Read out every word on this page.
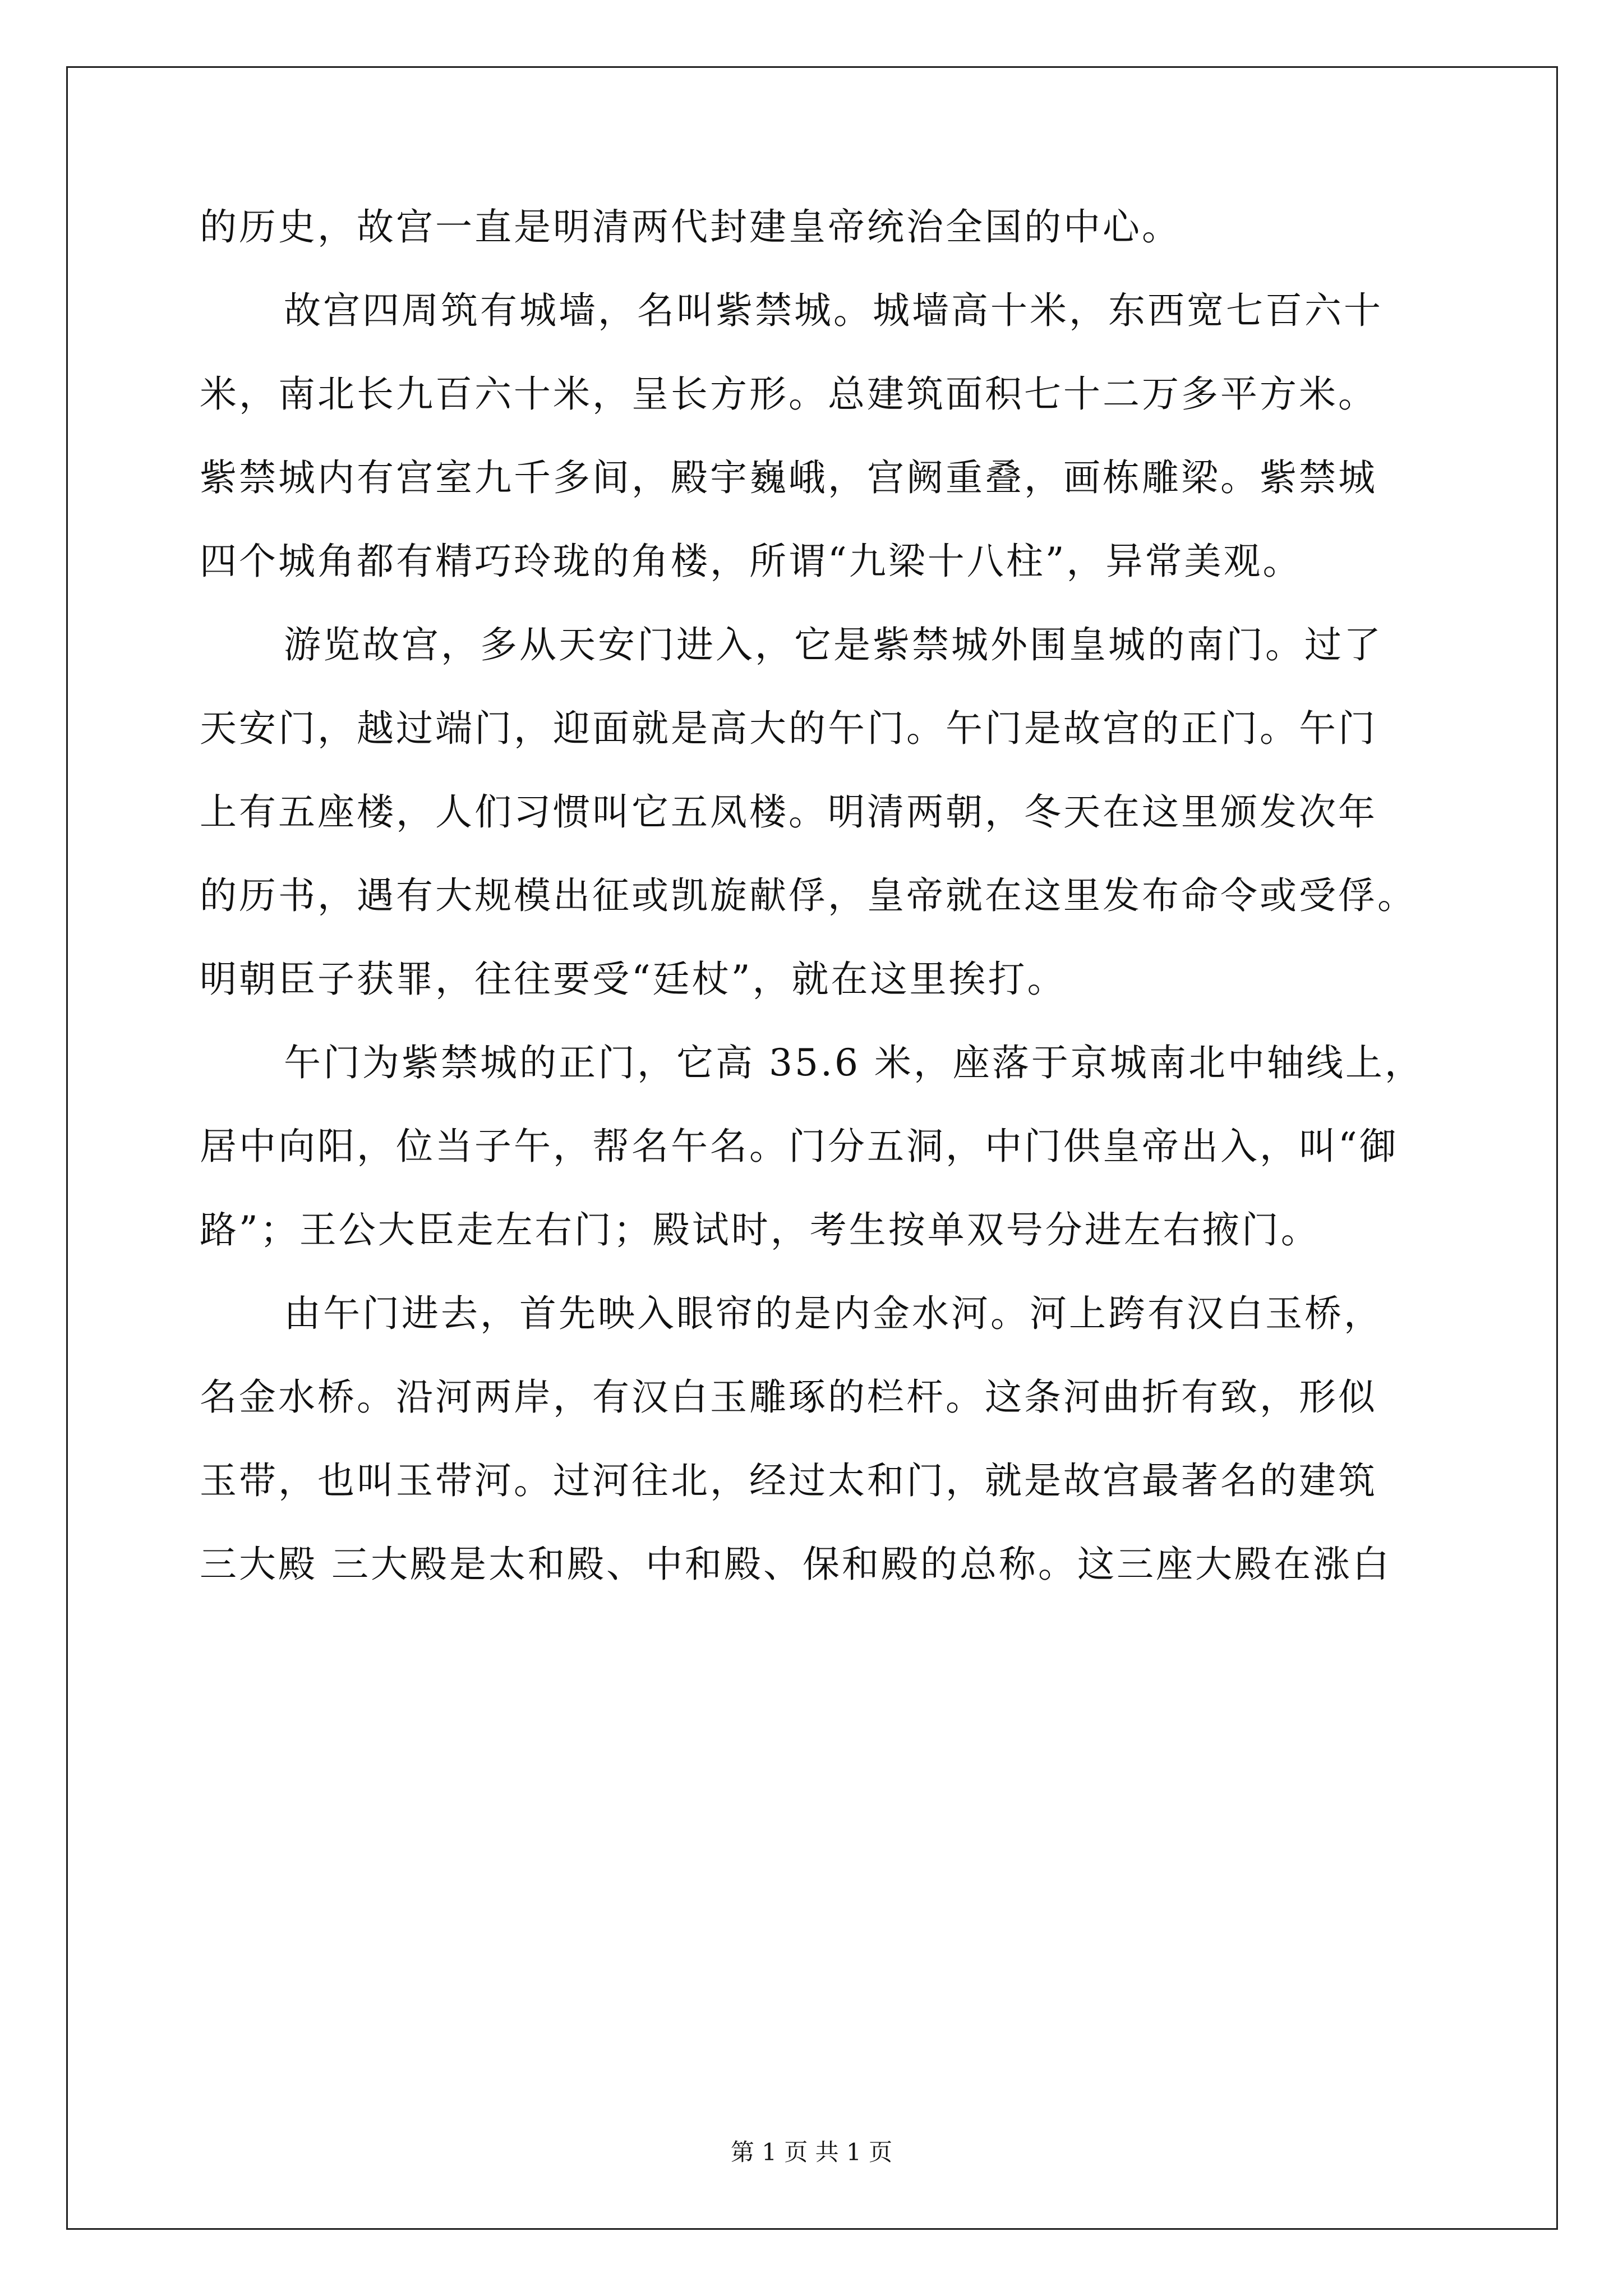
的历史，故宫一直是明清两代封建皇帝统治全国的中心。
故宫四周筑有城墙，名叫紫禁城。城墙高十米，东西宽七百六十
米，南北长九百六十米，呈长方形。总建筑面积七十二万多平方米。
紫禁城内有宫室九千多间，殿宇巍峨，宫阙重叠，画栋雕梁。紫禁城
四个城角都有精巧玲珑的角楼，所谓“九梁十八柱”，异常美观。
游览故宫，多从天安门进入，它是紫禁城外围皇城的南门。过了
天安门，越过端门，迎面就是高大的午门。午门是故宫的正门。午门
上有五座楼，人们习惯叫它五凤楼。明清两朝，冬天在这里颁发次年
的历书，遇有大规模出征或凯旋献俘，皇帝就在这里发布命令或受俘。
明朝臣子获罪，往往要受“廷杖”，就在这里挨打。
午门为紫禁城的正门，它高 35.6 米，座落于京城南北中轴线上，
居中向阳，位当子午，帮名午名。门分五洞，中门供皇帝出入，叫“御
路”；王公大臣走左右门；殿试时，考生按单双号分进左右掖门。
由午门进去，首先映入眼帘的是内金水河。河上跨有汉白玉桥，
名金水桥。沿河两岸，有汉白玉雕琢的栏杆。这条河曲折有致，形似
玉带，也叫玉带河。过河往北，经过太和门，就是故宫最著名的建筑
三大殿 三大殿是太和殿、中和殿、保和殿的总称。这三座大殿在涨白
第 1 页 共 1 页
